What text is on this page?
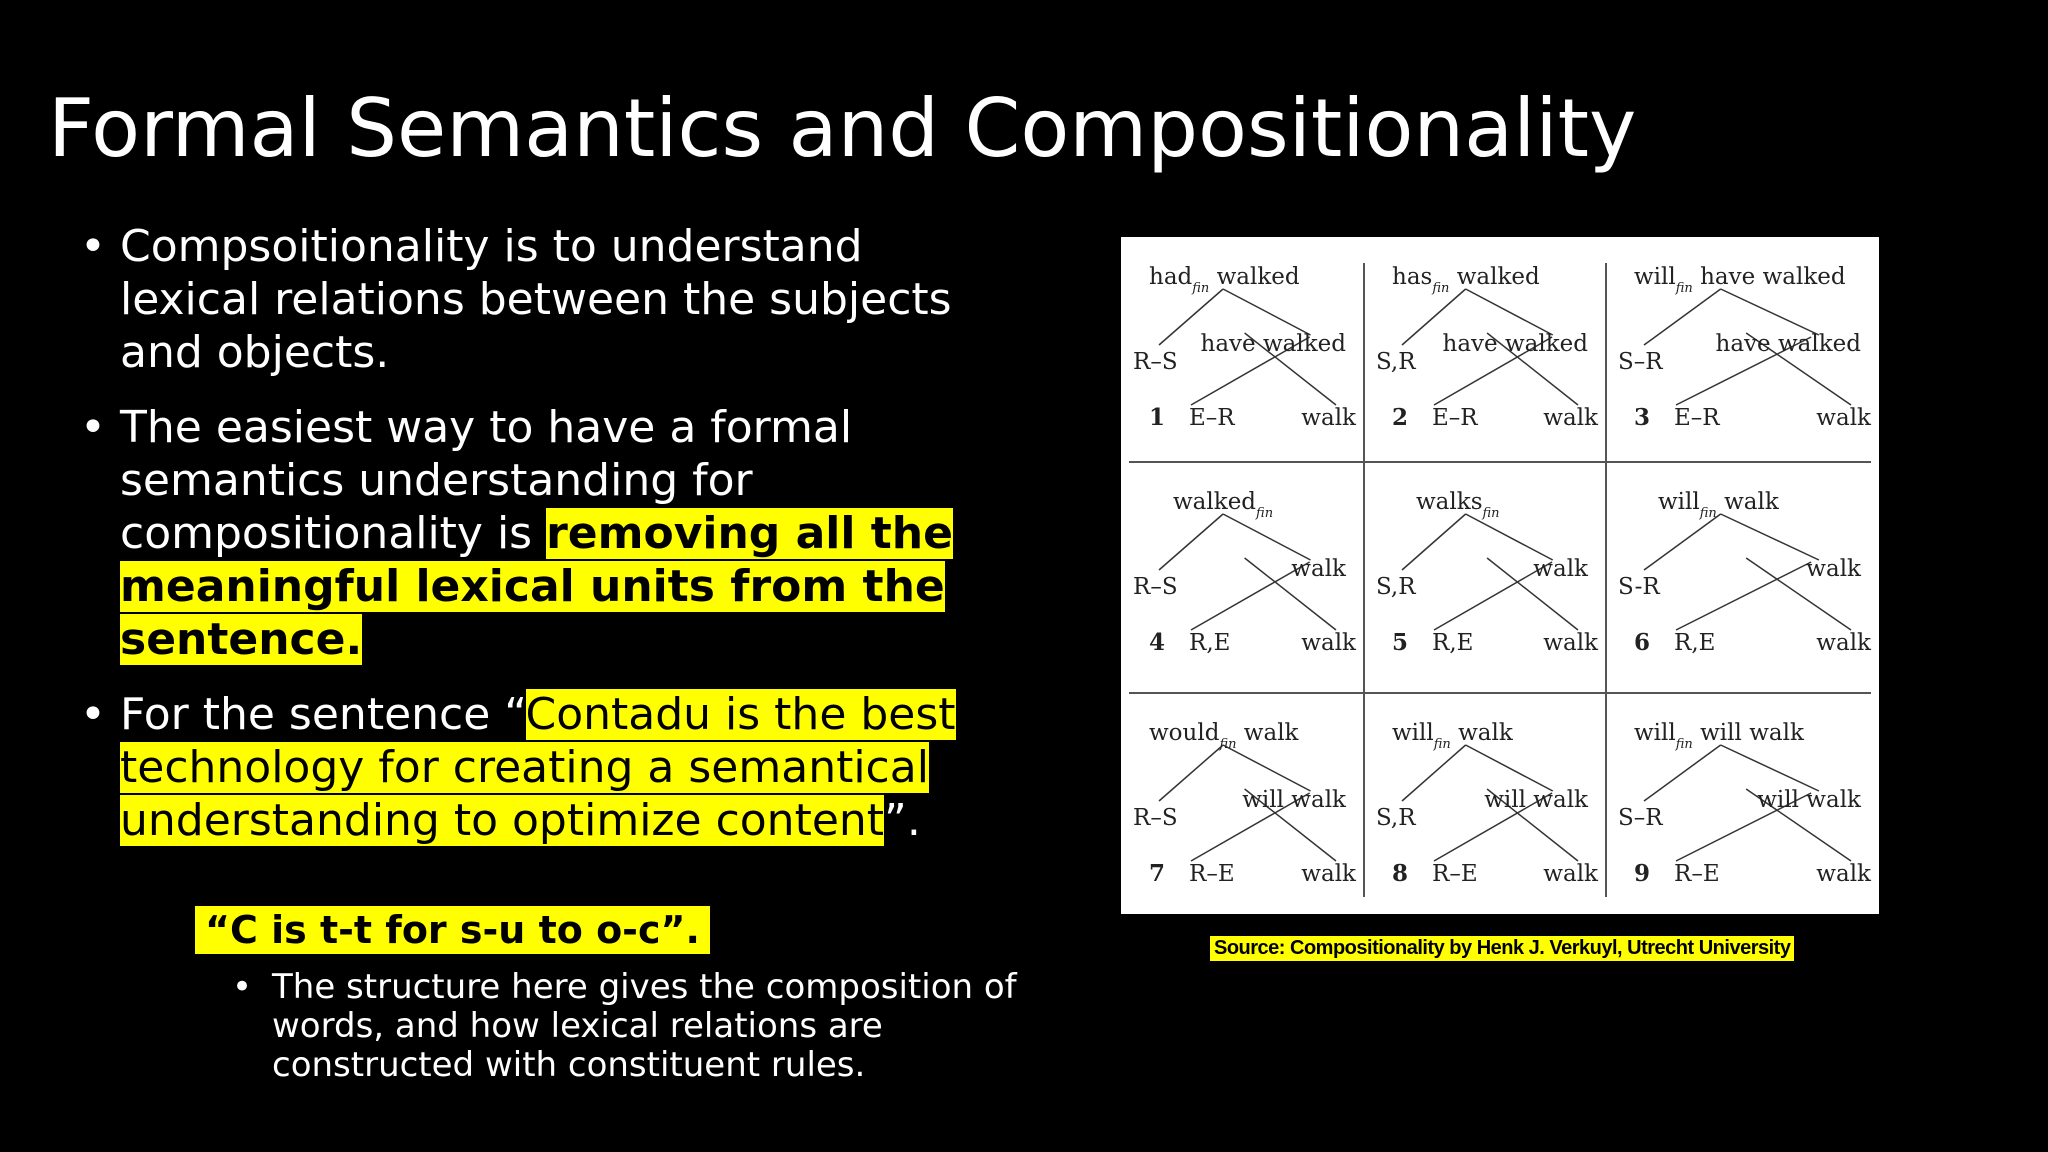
Formal Semantics and Compositionality
• Compsoitionality is to understand lexical relations between the subjects and objects.
• The easiest way to have a formal semantics understanding for compositionality is removing all the meaningful lexical units from the sentence.
• For the sentence “Contadu is the best technology for creating a semantical understanding to optimize content”.
“C is t-t for s-u to o-c”.
• The structure here gives the composition of words, and how lexical relations are constructed with constituent rules.
had$_{fin}$ walked
R–S
have walked
1 E–R	walk
has$_{fin}$ walked
S,R
have walked
2 E–R	walk
will$_{fin}$ have walked
S–R
have walked
3 E–R	walk
walked$_{fin}$
R–S
walk
4 R,E	walk
walks$_{fin}$
S,R
walk
5 R,E	walk
will$_{fin}$ walk
S-R
walk
6 R,E	walk
would$_{fin}$ walk
R–S
will walk
7 R–E	walk
will$_{fin}$ walk
S,R
will walk
8 R–E	walk
will$_{fin}$ will walk
S–R
will walk
9 R–E	walk
Source: Compositionality by Henk J. Verkuyl, Utrecht University
